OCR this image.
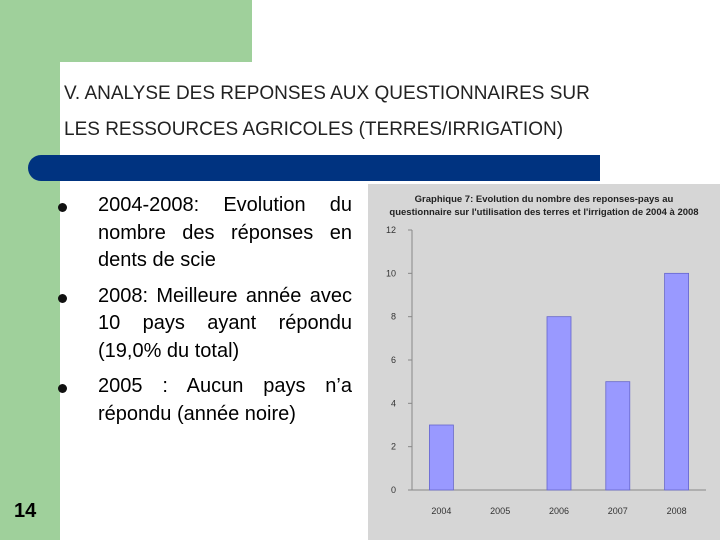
V. ANALYSE DES REPONSES AUX QUESTIONNAIRES SUR
LES RESSOURCES AGRICOLES (TERRES/IRRIGATION)
2004-2008: Evolution du nombre des réponses en dents de scie
2008: Meilleure année avec 10 pays ayant répondu (19,0% du total)
2005 : Aucun pays n’a répondu (année noire)
14
Graphique 7: Evolution du nombre des reponses-pays au
questionnaire sur l'utilisation des terres et l'irrigation de 2004 à 2008
0
2
4
6
8
10
12
2004	2005	2006	2007	2008
